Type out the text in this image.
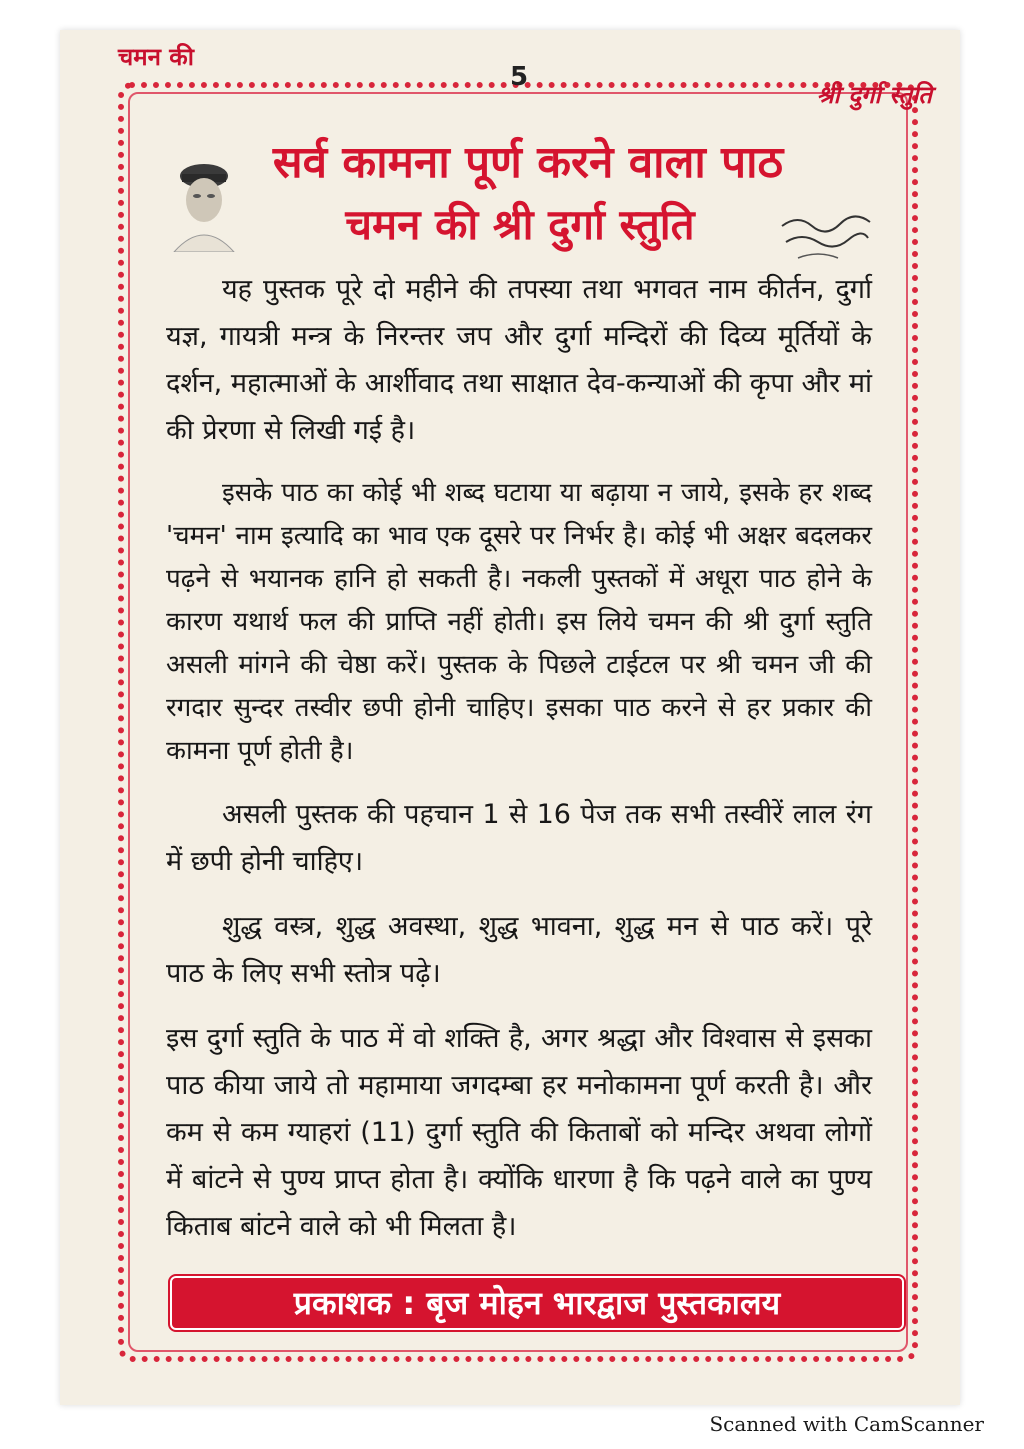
चमन की
5
श्री दुर्गा स्तुति
सर्व कामना पूर्ण करने वाला पाठ
चमन की श्री दुर्गा स्तुति

यह पुस्तक पूरे दो महीने की तपस्या तथा भगवत नाम कीर्तन, दुर्गा यज्ञ, गायत्री मन्त्र के निरन्तर जप और दुर्गा मन्दिरों की दिव्य मूर्तियों के दर्शन, महात्माओं के आर्शीवाद तथा साक्षात देव-कन्याओं की कृपा और मां की प्रेरणा से लिखी गई है।

इसके पाठ का कोई भी शब्द घटाया या बढ़ाया न जाये, इसके हर शब्द 'चमन' नाम इत्यादि का भाव एक दूसरे पर निर्भर है। कोई भी अक्षर बदलकर पढ़ने से भयानक हानि हो सकती है। नकली पुस्तकों में अधूरा पाठ होने के कारण यथार्थ फल की प्राप्ति नहीं होती। इस लिये चमन की श्री दुर्गा स्तुति असली मांगने की चेष्ठा करें। पुस्तक के पिछले टाईटल पर श्री चमन जी की रगदार सुन्दर तस्वीर छपी होनी चाहिए। इसका पाठ करने से हर प्रकार की कामना पूर्ण होती है।

असली पुस्तक की पहचान 1 से 16 पेज तक सभी तस्वीरें लाल रंग में छपी होनी चाहिए।

शुद्ध वस्त्र, शुद्ध अवस्था, शुद्ध भावना, शुद्ध मन से पाठ करें। पूरे पाठ के लिए सभी स्तोत्र पढ़े।

इस दुर्गा स्तुति के पाठ में वो शक्ति है, अगर श्रद्धा और विश्वास से इसका पाठ कीया जाये तो महामाया जगदम्बा हर मनोकामना पूर्ण करती है। और कम से कम ग्याहरां (11) दुर्गा स्तुति की किताबों को मन्दिर अथवा लोगों में बांटने से पुण्य प्राप्त होता है। क्योंकि धारणा है कि पढ़ने वाले का पुण्य किताब बांटने वाले को भी मिलता है।

प्रकाशक : बृज मोहन भारद्वाज पुस्तकालय
Scanned with CamScanner
